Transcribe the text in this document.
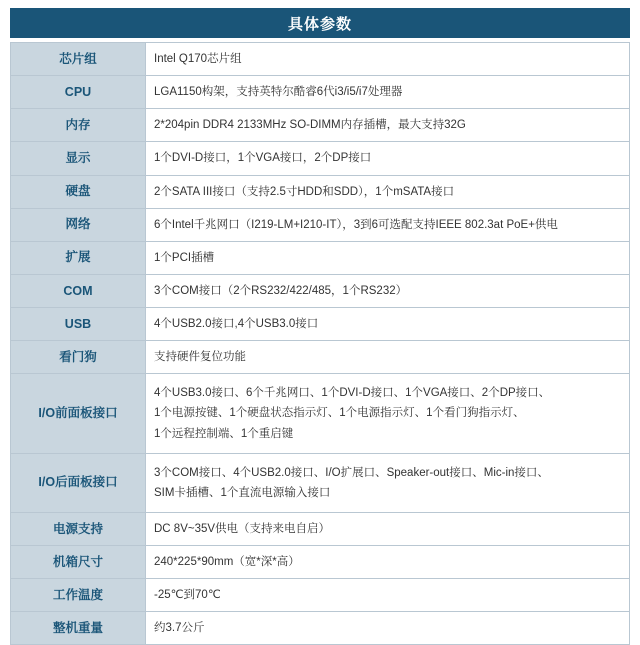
具体参数
芯片组	Intel Q170芯片组

CPU	LGA1150构架，支持英特尔酷睿6代i3/i5/i7处理器

内存	2*204pin DDR4 2133MHz SO-DIMM内存插槽，最大支持32G

显示	1个DVI-D接口，1个VGA接口，2个DP接口

硬盘	2个SATA III接口（支持2.5寸HDD和SDD），1个mSATA接口

网络	6个Intel千兆网口（I219-LM+I210-IT），3到6可选配支持IEEE 802.3at PoE+供电

扩展	1个PCI插槽

COM	3个COM接口（2个RS232/422/485，1个RS232）

USB	4个USB2.0接口,4个USB3.0接口

看门狗	支持硬件复位功能

I/O前面板接口	4个USB3.0接口、6个千兆网口、1个DVI-D接口、1个VGA接口、2个DP接口、
1个电源按键、1个硬盘状态指示灯、1个电源指示灯、1个看门狗指示灯、
1个远程控制端、1个重启键

I/O后面板接口	3个COM接口、4个USB2.0接口、I/O扩展口、Speaker-out接口、Mic-in接口、
SIM卡插槽、1个直流电源输入接口

电源支持	DC 8V~35V供电（支持来电自启）

机箱尺寸	240*225*90mm（宽*深*高）

工作温度	-25℃到70℃

整机重量	约3.7公斤
